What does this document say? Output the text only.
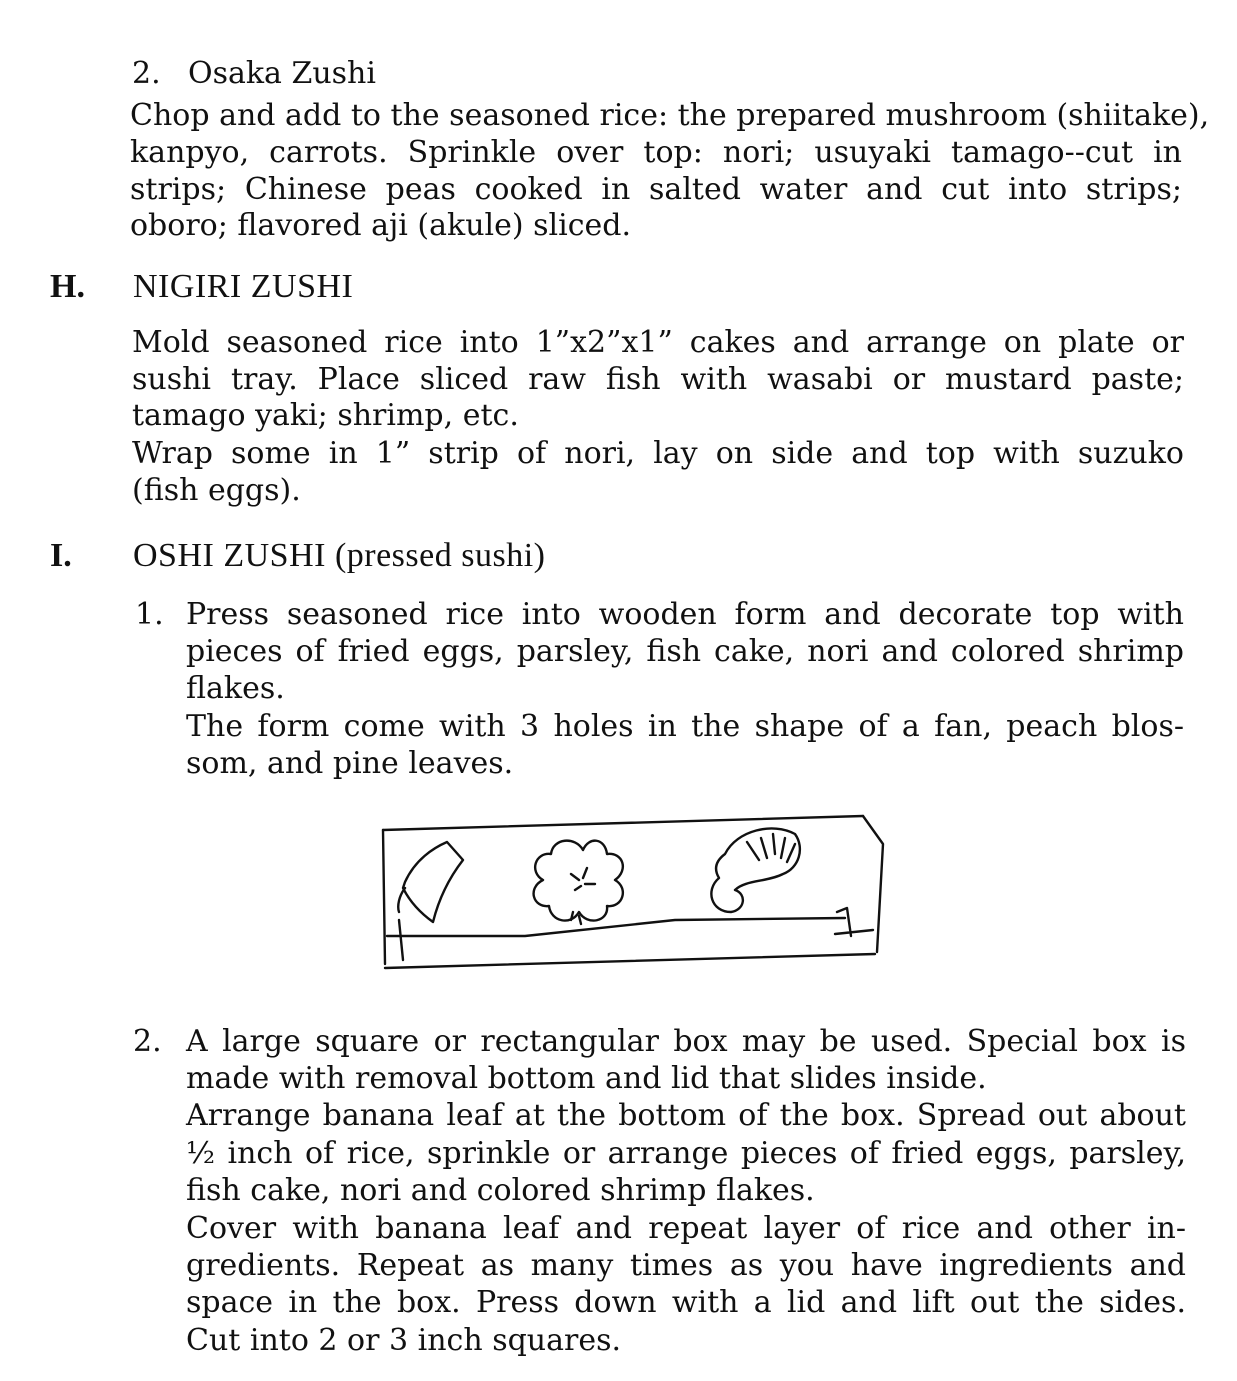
2. Osaka Zushi
Chop and add to the seasoned rice: the prepared mushroom (shiitake),
kanpyo, carrots. Sprinkle over top: nori; usuyaki tamago--cut in
strips; Chinese peas cooked in salted water and cut into strips;
oboro; flavored aji (akule) sliced.
H. NIGIRI ZUSHI
Mold seasoned rice into 1”x2”x1” cakes and arrange on plate or
sushi tray. Place sliced raw fish with wasabi or mustard paste;
tamago yaki; shrimp, etc.
Wrap some in 1” strip of nori, lay on side and top with suzuko
(fish eggs).
I. OSHI ZUSHI (pressed sushi)
1. Press seasoned rice into wooden form and decorate top with
pieces of fried eggs, parsley, fish cake, nori and colored shrimp
flakes.
The form come with 3 holes in the shape of a fan, peach blos-
som, and pine leaves.
2. A large square or rectangular box may be used. Special box is
made with removal bottom and lid that slides inside.
Arrange banana leaf at the bottom of the box. Spread out about
½ inch of rice, sprinkle or arrange pieces of fried eggs, parsley,
fish cake, nori and colored shrimp flakes.
Cover with banana leaf and repeat layer of rice and other in-
gredients. Repeat as many times as you have ingredients and
space in the box. Press down with a lid and lift out the sides.
Cut into 2 or 3 inch squares.
